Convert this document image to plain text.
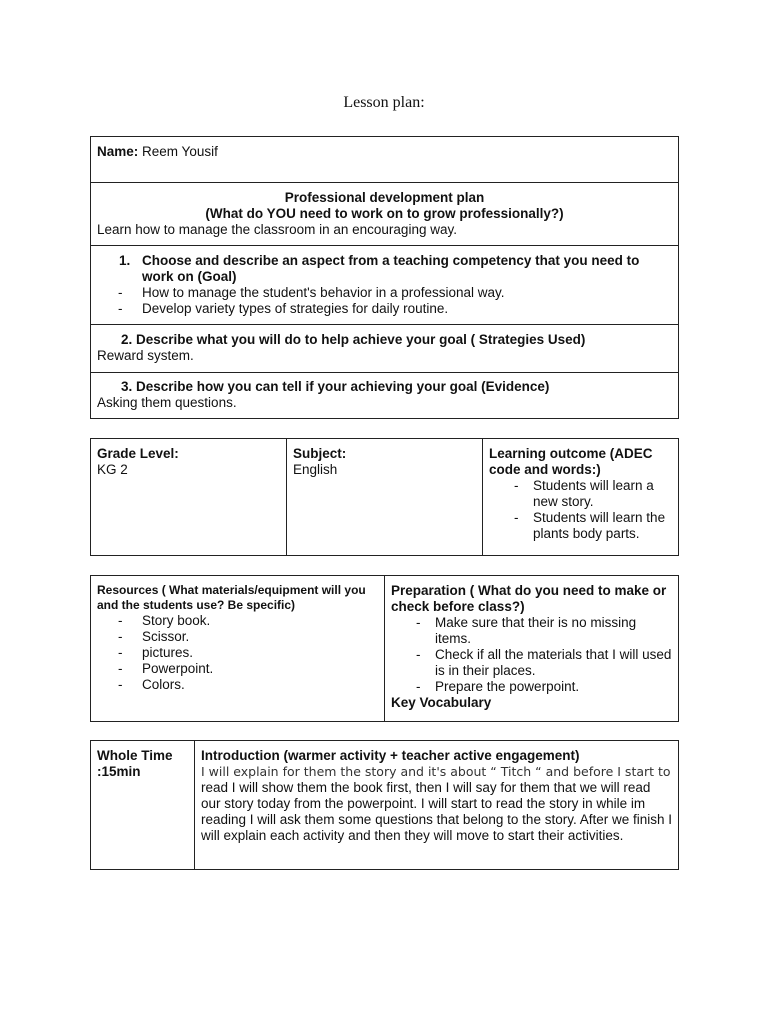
Lesson plan:
Name: Reem Yousif
Professional development plan
(What do YOU need to work on to grow professionally?)
Learn how to manage the classroom in an encouraging way.
1. Choose and describe an aspect from a teaching competency that you need to
work on (Goal)
- How to manage the student's behavior in a professional way.
- Develop variety types of strategies for daily routine.
2. Describe what you will do to help achieve your goal ( Strategies Used)
Reward system.
3. Describe how you can tell if your achieving your goal (Evidence)
Asking them questions.
Grade Level:
KG 2
Subject:
English
Learning outcome (ADEC
code and words:)
- Students will learn a new story.
- Students will learn the plants body parts.
Resources ( What materials/equipment will you and the students use? Be specific)
- Story book.
- Scissor.
- pictures.
- Powerpoint.
- Colors.
Preparation ( What do you need to make or check before class?)
- Make sure that their is no missing items.
- Check if all the materials that I will used is in their places.
- Prepare the powerpoint.
Key Vocabulary
Whole Time
:15min
Introduction (warmer activity + teacher active engagement)
I will explain for them the story and it's about “ Titch “ and before I start to
read I will show them the book first, then I will say for them that we will read our story today from the powerpoint. I will start to read the story in while im reading I will ask them some questions that belong to the story. After we finish I will explain each activity and then they will move to start their activities.
